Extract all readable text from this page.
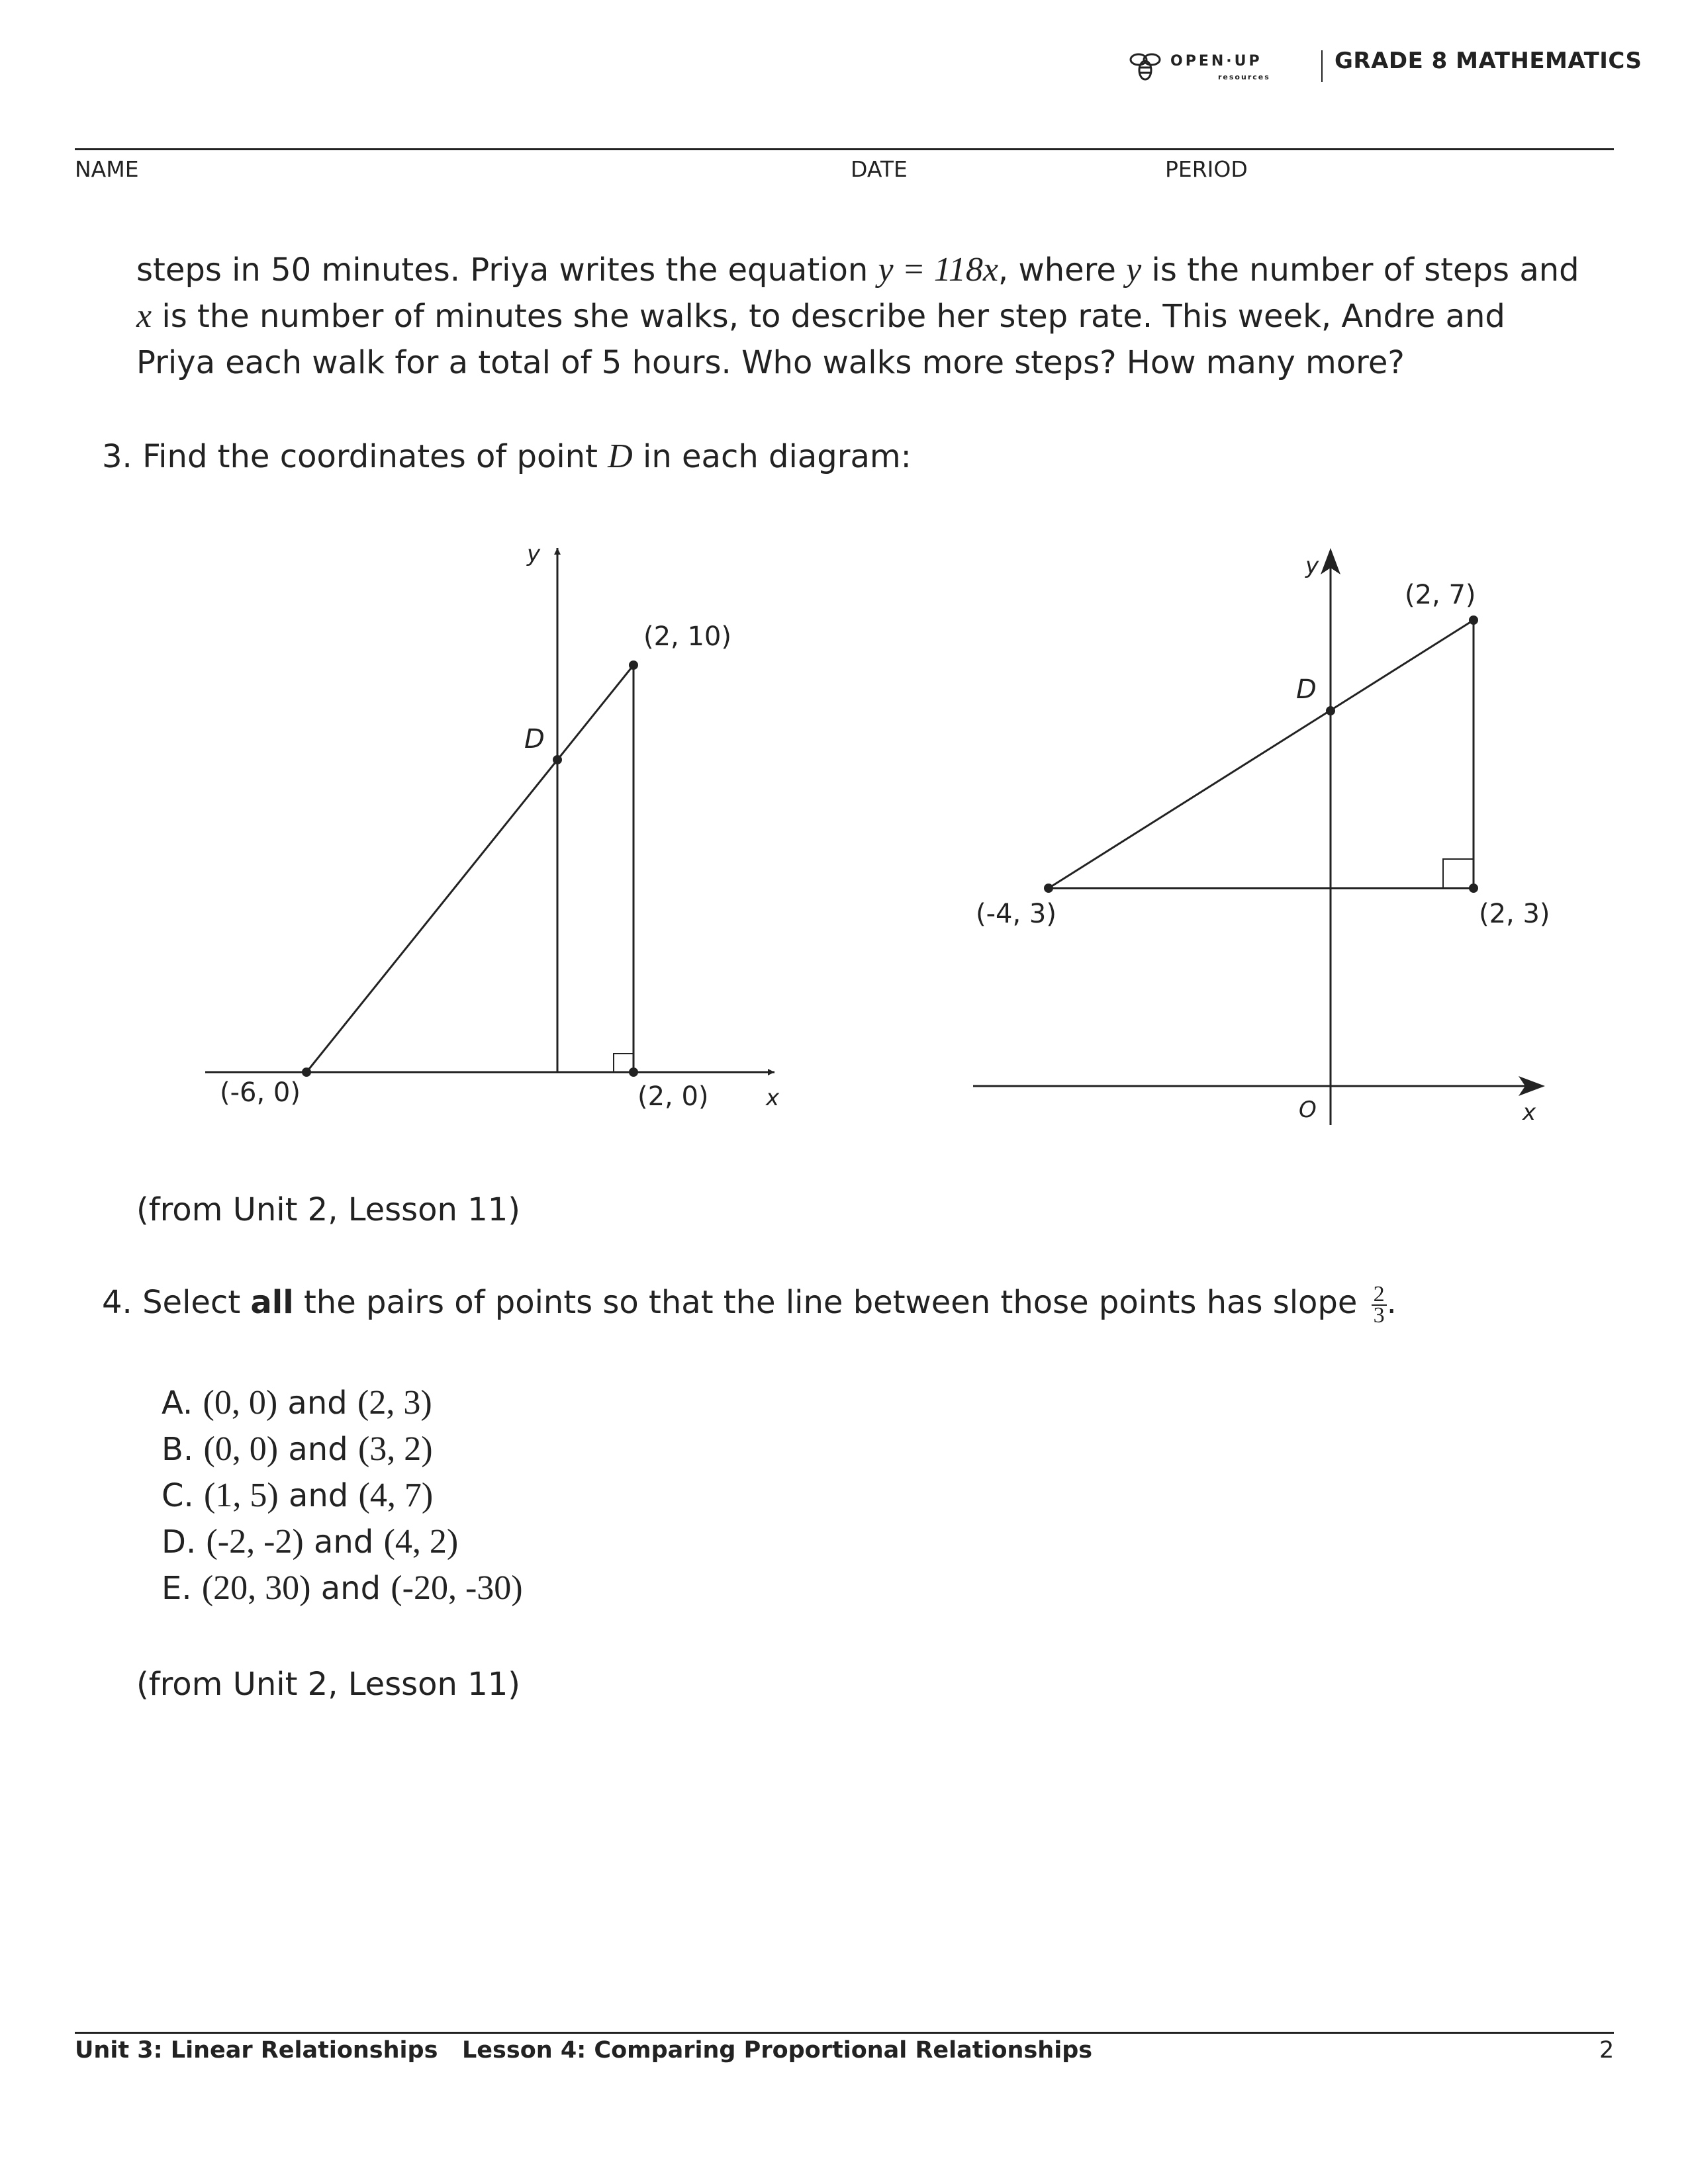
OPEN·UP
resources
GRADE 8 MATHEMATICS
NAME	DATE	PERIOD
steps in 50 minutes. Priya writes the equation y = 118x, where y is the number of steps and x is the number of minutes she walks, to describe her step rate. This week, Andre and Priya each walk for a total of 5 hours. Who walks more steps? How many more?
3. Find the coordinates of point D in each diagram:
y
x
D
(-6, 0)	(2, 0)
(2, 10)
y
x
D
O
(-4, 3)	(2, 3)
(2, 7)
(from Unit 2, Lesson 11)
4. Select all the pairs of points so that the line between those points has slope $\frac{2}{3}$ .
A. (0, 0) and (2, 3)
B. (0, 0) and (3, 2)
C. (1, 5) and (4, 7)
D. (-2, -2) and (4, 2)
E. (20, 30) and (-20, -30)
(from Unit 2, Lesson 11)
Unit 3: Linear Relationships Lesson 4: Comparing Proportional Relationships	2
